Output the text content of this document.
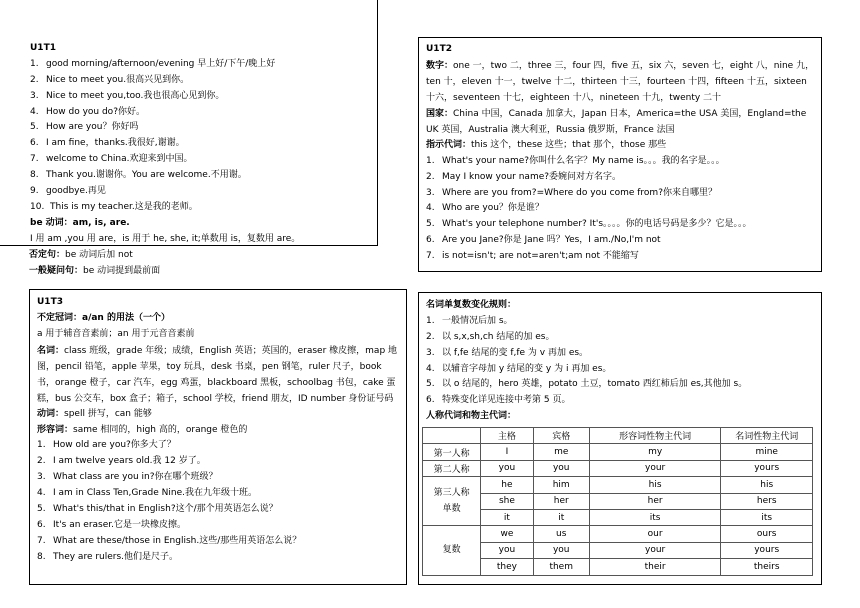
U1T1
1. good morning/afternoon/evening 早上好/下午/晚上好
2. Nice to meet you.很高兴见到你。
3. Nice to meet you,too.我也很高心见到你。
4. How do you do?你好。
5. How are you？你好吗
6. I am fine，thanks.我很好,谢谢。
7. welcome to China.欢迎来到中国。
8. Thank you.谢谢你。You are welcome.不用谢。
9. goodbye.再见
10. This is my teacher.这是我的老师。
be 动词：am, is, are.
I 用 am ,you 用 are，is 用于 he, she, it;单数用 is，复数用 are。
否定句：be 动词后加 not
一般疑问句：be 动词提到最前面
U1T2
数字：one 一，two 二，three 三，four 四，five 五，six 六，seven 七，eight 八，nine 九，ten 十，eleven 十一，twelve 十二，thirteen 十三，fourteen 十四，fifteen 十五，sixteen 十六，seventeen 十七，eighteen 十八，nineteen 十九，twenty 二十
国家：China 中国，Canada 加拿大，Japan 日本，America=the USA 美国，England=the UK 英国，Australia 澳大利亚，Russia 俄罗斯，France 法国
指示代词：this 这个，these 这些；that 那个，those 那些
1. What's your name?你叫什么名字？My name is。。。我的名字是。。。
2. May I know your name?委婉问对方名字。
3. Where are you from?=Where do you come from?你来自哪里？
4. Who are you？你是谁？
5. What's your telephone number? It's。。。。你的电话号码是多少？它是。。。
6. Are you Jane?你是 Jane 吗？Yes，I am./No,I'm not
7. is not=isn't; are not=aren't;am not 不能缩写
U1T3
不定冠词：a/an 的用法（一个）
a 用于辅音音素前；an 用于元音音素前
名词：class 班级，grade 年级；成绩，English 英语；英国的，eraser 橡皮擦，map 地图，pencil 铅笔，apple 苹果，toy 玩具，desk 书桌，pen 钢笔，ruler 尺子，book 书，orange 橙子，car 汽车，egg 鸡蛋，blackboard 黑板，schoolbag 书包，cake 蛋糕，bus 公交车，box 盒子；箱子，school 学校，friend 朋友，ID number 身份证号码
动词：spell 拼写，can 能够
形容词：same 相同的，high 高的，orange 橙色的
1. How old are you?你多大了？
2. I am twelve years old.我 12 岁了。
3. What class are you in?你在哪个班级？
4. I am in Class Ten,Grade Nine.我在九年级十班。
5. What's this/that in English?这个/那个用英语怎么说？
6. It's an eraser.它是一块橡皮擦。
7. What are these/those in English.这些/那些用英语怎么说？
8. They are rulers.他们是尺子。
名词单复数变化规则：
1. 一般情况后加 s。
2. 以 s,x,sh,ch 结尾的加 es。
3. 以 f,fe 结尾的变 f,fe 为 v 再加 es。
4. 以辅音字母加 y 结尾的变 y 为 i 再加 es。
5. 以 o 结尾的，hero 英雄，potato 土豆，tomato 西红柿后加 es,其他加 s。
6. 特殊变化详见连接中考第 5 页。
人称代词和物主代词：
	主格	宾格	形容词性物主代词	名词性物主代词
第一人称	I	me	my	mine
第二人称	you	you	your	yours
第三人称单数	he	him	his	his
	she	her	her	hers
	it	it	its	its
复数	we	us	our	ours
	you	you	your	yours
	they	them	their	theirs
